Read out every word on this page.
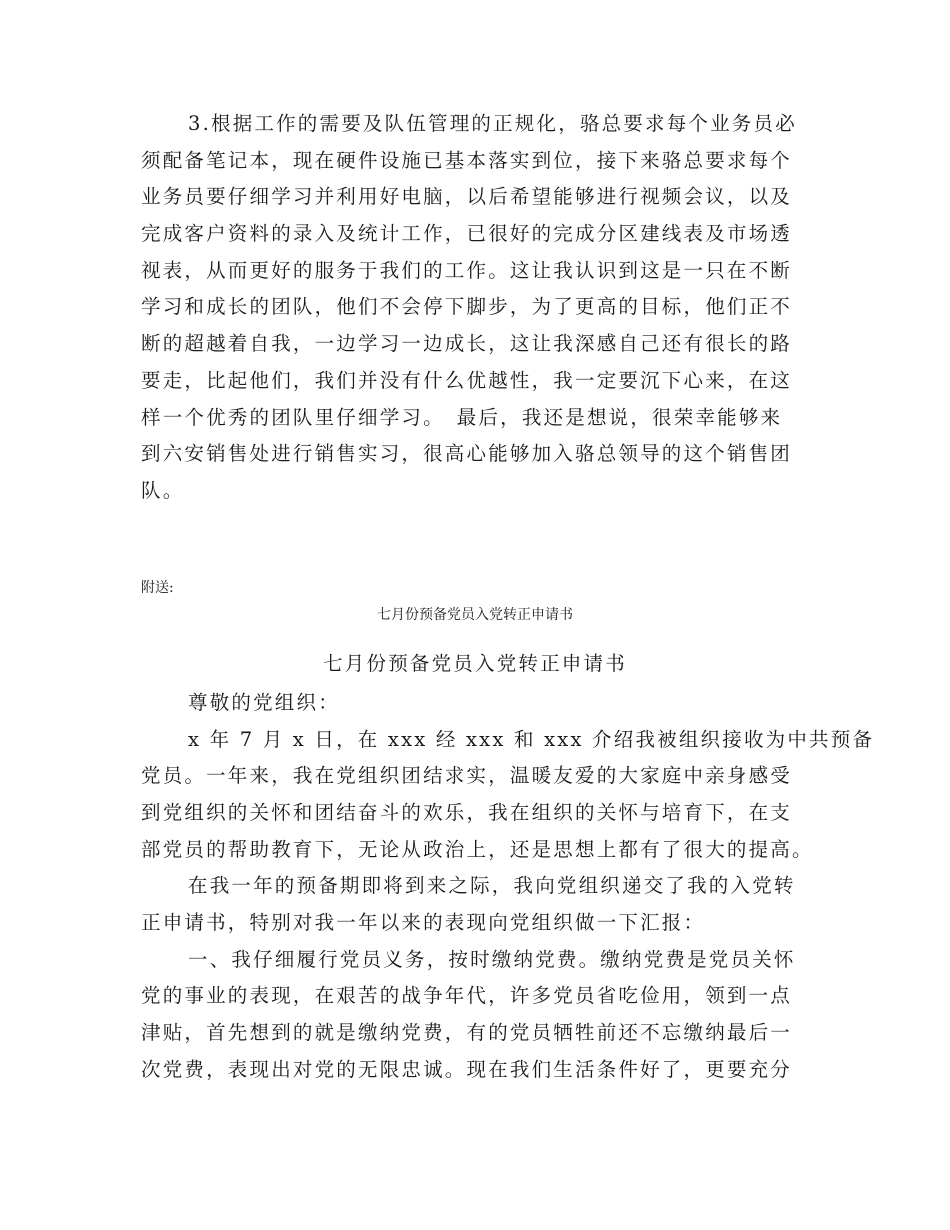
3.根据工作的需要及队伍管理的正规化，骆总要求每个业务员必
须配备笔记本，现在硬件设施已基本落实到位，接下来骆总要求每个
业务员要仔细学习并利用好电脑，以后希望能够进行视频会议，以及
完成客户资料的录入及统计工作，已很好的完成分区建线表及市场透
视表，从而更好的服务于我们的工作。这让我认识到这是一只在不断
学习和成长的团队，他们不会停下脚步，为了更高的目标，他们正不
断的超越着自我，一边学习一边成长，这让我深感自己还有很长的路
要走，比起他们，我们并没有什么优越性，我一定要沉下心来，在这
样一个优秀的团队里仔细学习。　最后，我还是想说，很荣幸能够来
到六安销售处进行销售实习，很高心能够加入骆总领导的这个销售团
队。
附送:
七月份预备党员入党转正申请书
七月份预备党员入党转正申请书
尊敬的党组织：
x 年 7 月 x 日，在 xxx 经 xxx 和 xxx 介绍我被组织接收为中共预备
党员。一年来，我在党组织团结求实，温暖友爱的大家庭中亲身感受
到党组织的关怀和团结奋斗的欢乐，我在组织的关怀与培育下，在支
部党员的帮助教育下，无论从政治上，还是思想上都有了很大的提高。
在我一年的预备期即将到来之际，我向党组织递交了我的入党转
正申请书，特别对我一年以来的表现向党组织做一下汇报：
一、我仔细履行党员义务，按时缴纳党费。缴纳党费是党员关怀
党的事业的表现，在艰苦的战争年代，许多党员省吃俭用，领到一点
津贴，首先想到的就是缴纳党费，有的党员牺牲前还不忘缴纳最后一
次党费，表现出对党的无限忠诚。现在我们生活条件好了，更要充分
